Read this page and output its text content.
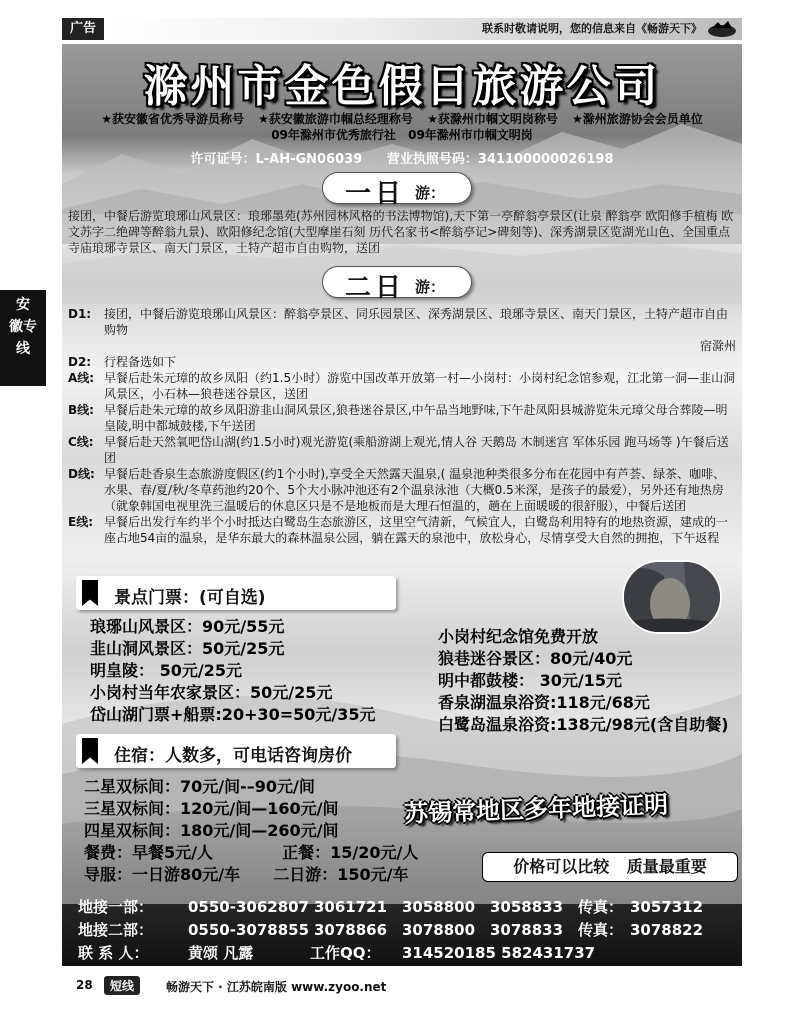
广告	联系时敬请说明，您的信息来自《畅游天下》
安
徽专
线
滁州市金色假日旅游公司
★获安徽省优秀导游员称号 ★获安徽旅游巾帼总经理称号 ★获滁州巾帼文明岗称号 ★滁州旅游协会会员单位
09年滁州市优秀旅行社 09年滁州市巾帼文明岗
许可证号：L-AH-GN06039 营业执照号码：341100000026198
一日 游：
接团，中餐后游览琅琊山风景区：琅琊墨苑(苏州园林风格的书法博物馆),天下第一亭醉翁亭景区(让泉 醉翁亭 欧阳修手植梅 欧文苏字二绝碑等醉翁九景)、欧阳修纪念馆(大型摩崖石刻 历代名家书<醉翁亭记>碑刻等)、深秀湖景区览湖光山色、全国重点寺庙琅琊寺景区、南天门景区，土特产超市自由购物，送团
二日 游：
D1:	接团，中餐后游览琅琊山风景区：醉翁亭景区、同乐园景区、深秀湖景区、琅琊寺景区、南天门景区，土特产超市自由购物
宿滁州
D2:	行程备选如下
A线: 早餐后赴朱元璋的故乡凤阳（约1.5小时）游览中国改革开放第一村—小岗村：小岗村纪念馆参观，江北第一洞—韭山洞风景区，小石林—狼巷迷谷景区，送团
B线: 早餐后赴朱元璋的故乡凤阳游韭山洞风景区,狼巷迷谷景区,中午品当地野味,下午赴凤阳县城游览朱元璋父母合葬陵—明皇陵,明中都城鼓楼,下午送团
C线: 早餐后赴天然氧吧岱山湖(约1.5小时)观光游览(乘船游湖上观光,情人谷 天鹅岛 木制迷宫 军体乐园 跑马场等 )午餐后送团
D线: 早餐后赴香泉生态旅游度假区(约1个小时),享受全天然露天温泉,( 温泉池种类很多分布在花园中有芦荟、绿茶、咖啡、水果、春/夏/秋/冬草药池约20个、5个大小脉冲池还有2个温泉泳池（大概0.5米深，是孩子的最爱），另外还有地热房（就象韩国电视里洗三温暖后的休息区只是不是地板而是大理石恒温的，趟在上面暖暖的很舒服），中餐后送团
E线: 早餐后出发行车约半个小时抵达白鹭岛生态旅游区，这里空气清新，气候宜人，白鹭岛利用特有的地热资源，建成的一座占地54亩的温泉，是华东最大的森林温泉公园，躺在露天的泉池中，放松身心，尽情享受大自然的拥抱，下午返程
景点门票：(可自选)
琅琊山风景区：90元/55元
韭山洞风景区：50元/25元
明皇陵： 50元/25元
小岗村当年农家景区：50元/25元
岱山湖门票+船票:20+30=50元/35元
小岗村纪念馆免费开放
狼巷迷谷景区：80元/40元
明中都鼓楼： 30元/15元
香泉湖温泉浴资:118元/68元
白鹭岛温泉浴资:138元/98元(含自助餐)
住宿：人数多，可电话咨询房价
二星双标间：70元/间-–90元/间
三星双标间：120元/间—160元/间
四星双标间：180元/间—260元/间
餐费：早餐5元/人	正餐：15/20元/人
导服：一日游80元/车 二日游：150元/车
苏锡常地区多年地接证明
价格可以比较 质量最重要
地接一部：	0550-3062807 3061721 3058800 3058833 传真： 3057312
地接二部：	0550-3078855 3078866 3078800 3078833 传真： 3078822
联 系 人：	黄颂 凡露	工作QQ：	314520185 582431737
28	短线	畅游天下 · 江苏皖南版 www.zyoo.net
